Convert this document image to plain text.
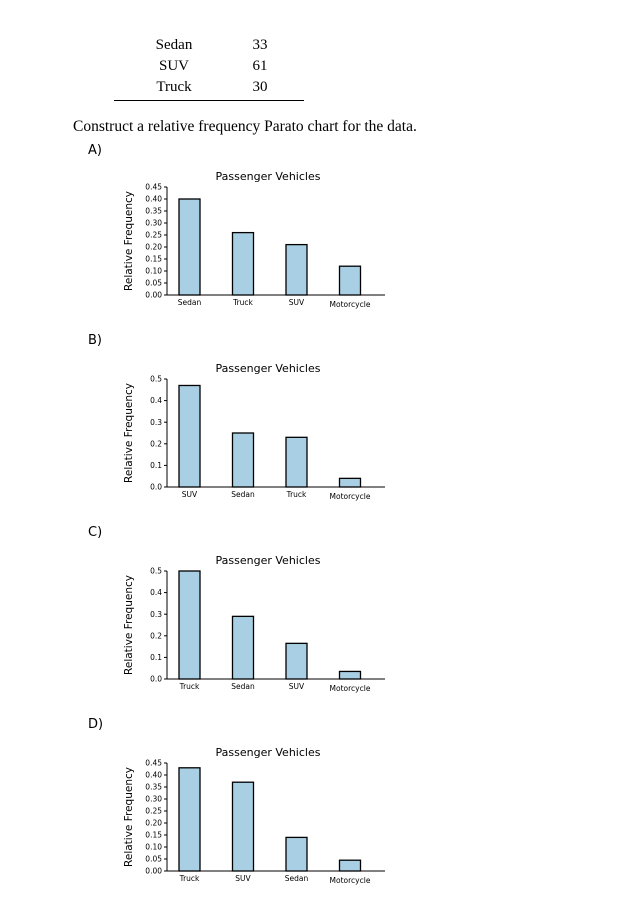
Sedan	33
SUV	61
Truck	30
Construct a relative frequency Parato chart for the data.
A)
Passenger Vehicles
Relative Frequency
0.00
0.05
0.10
0.15
0.20
0.25
0.30
0.35
0.40
0.45
Sedan	Truck	SUV	Motorcycle
B)
Passenger Vehicles
Relative Frequency
0.0
0.1
0.2
0.3
0.4
0.5
SUV	Sedan	Truck	Motorcycle
C)
Passenger Vehicles
Relative Frequency
0.0
0.1
0.2
0.3
0.4
0.5
Truck	Sedan	SUV	Motorcycle
D)
Passenger Vehicles
Relative Frequency
0.00
0.05
0.10
0.15
0.20
0.25
0.30
0.35
0.40
0.45
Truck	SUV	Sedan	Motorcycle
